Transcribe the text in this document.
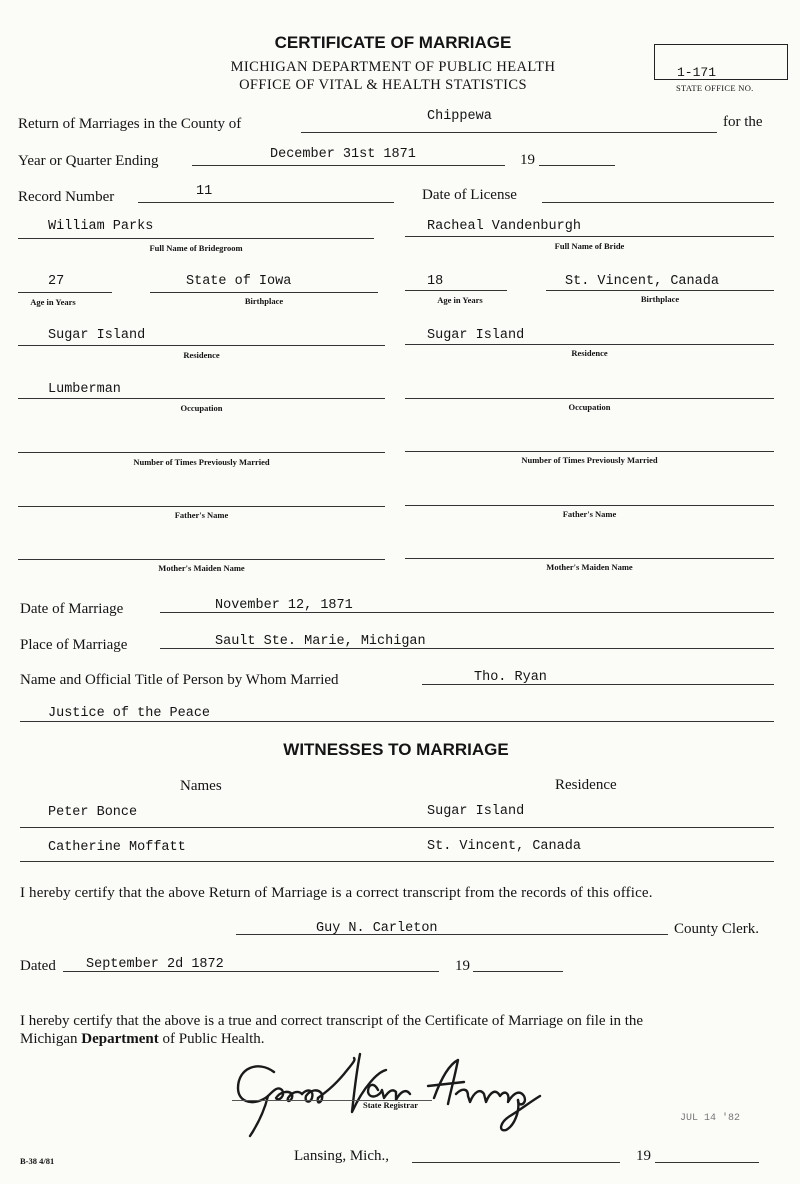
CERTIFICATE OF MARRIAGE
MICHIGAN DEPARTMENT OF PUBLIC HEALTH
OFFICE OF VITAL & HEALTH STATISTICS
1-171
STATE OFFICE NO.
Return of Marriages in the County of	Chippewa	for the
Year or Quarter Ending	December 31st 1871	19
Record Number	11	Date of License
William Parks
Full Name of Bridegroom
Racheal Vandenburgh
Full Name of Bride
27
Age in Years
State of Iowa
Birthplace
18
Age in Years
St. Vincent, Canada
Birthplace
Sugar Island
Residence
Sugar Island
Residence
Lumberman
Occupation	Occupation
Number of Times Previously Married	Number of Times Previously Married
Father's Name	Father's Name
Mother's Maiden Name	Mother's Maiden Name
Date of Marriage	November 12, 1871
Place of Marriage	Sault Ste. Marie, Michigan
Name and Official Title of Person by Whom Married	Tho. Ryan
Justice of the Peace
WITNESSES TO MARRIAGE
Names	Residence
Peter Bonce	Sugar Island
Catherine Moffatt	St. Vincent, Canada
I hereby certify that the above Return of Marriage is a correct transcript from the records of this office.
Guy N. Carleton	County Clerk.
Dated September 2d 1872	19
I hereby certify that the above is a true and correct transcript of the Certificate of Marriage on file in the
Michigan Department of Public Health.
State Registrar
JUL 14 '82
Lansing, Mich.,	19
B-38 4/81
